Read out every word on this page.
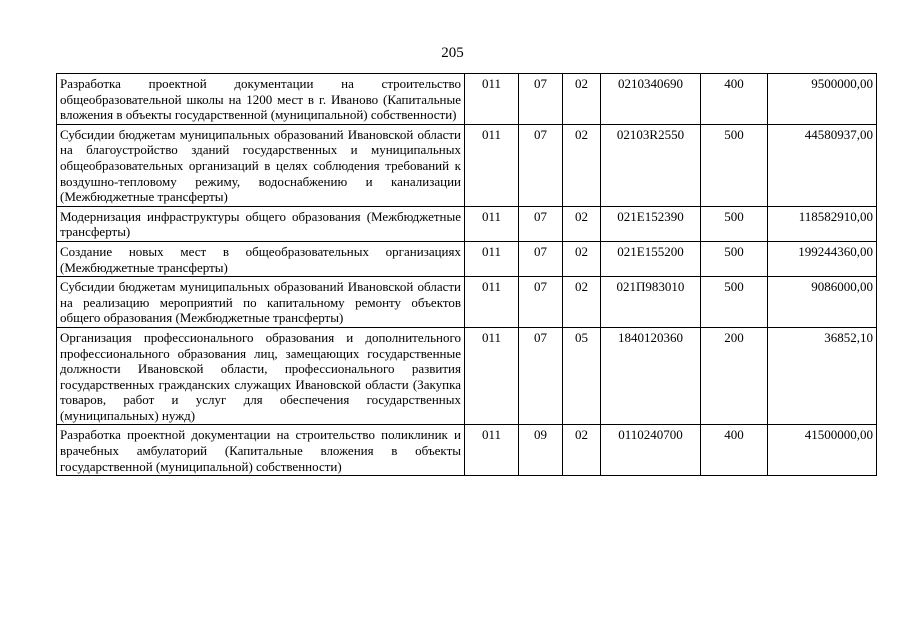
205
Разработка проектной документации на строительство общеобразовательной школы на 1200 мест в г. Иваново (Капитальные вложения в объекты государственной (муниципальной) собственности)	011	07	02	0210340690	400	9500000,00
Субсидии бюджетам муниципальных образований Ивановской области на благоустройство зданий государственных и муниципальных общеобразовательных организаций в целях соблюдения требований к воздушно-тепловому режиму, водоснабжению и канализации (Межбюджетные трансферты)	011	07	02	02103R2550	500	44580937,00
Модернизация инфраструктуры общего образования (Межбюджетные трансферты)	011	07	02	021E152390	500	118582910,00
Создание новых мест в общеобразовательных организациях (Межбюджетные трансферты)	011	07	02	021E155200	500	199244360,00
Субсидии бюджетам муниципальных образований Ивановской области на реализацию мероприятий по капитальному ремонту объектов общего образования (Межбюджетные трансферты)	011	07	02	021П983010	500	9086000,00
Организация профессионального образования и дополнительного профессионального образования лиц, замещающих государственные должности Ивановской области, профессионального развития государственных гражданских служащих Ивановской области (Закупка товаров, работ и услуг для обеспечения государственных (муниципальных) нужд)	011	07	05	1840120360	200	36852,10
Разработка проектной документации на строительство поликлиник и врачебных амбулаторий (Капитальные вложения в объекты государственной (муниципальной) собственности)	011	09	02	0110240700	400	41500000,00
